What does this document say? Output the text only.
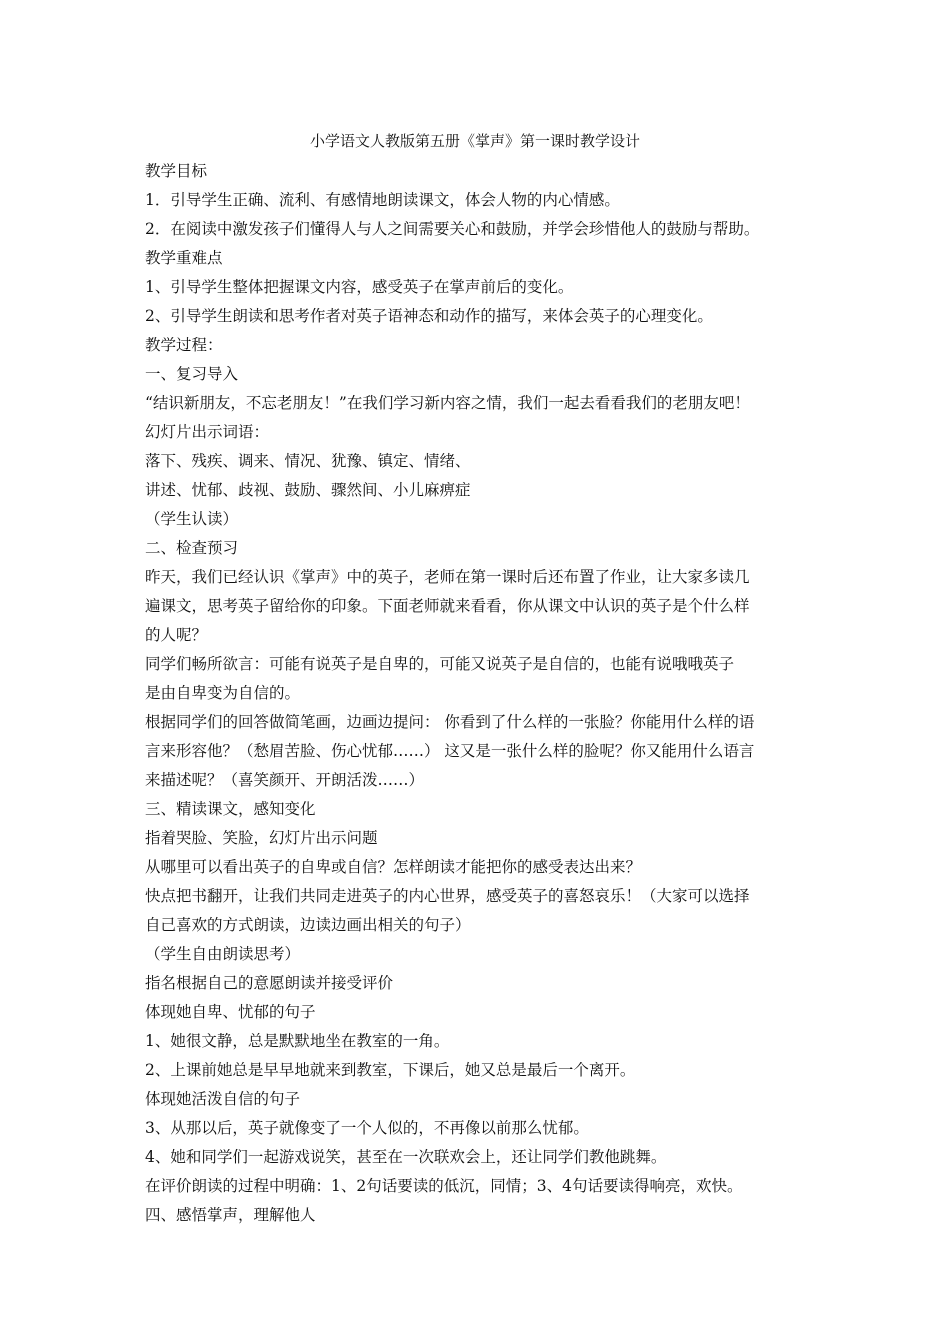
小学语文人教版第五册《掌声》第一课时教学设计
教学目标
1．引导学生正确、流利、有感情地朗读课文，体会人物的内心情感。
2．在阅读中激发孩子们懂得人与人之间需要关心和鼓励，并学会珍惜他人的鼓励与帮助。
教学重难点
1、引导学生整体把握课文内容，感受英子在掌声前后的变化。
2、引导学生朗读和思考作者对英子语神态和动作的描写，来体会英子的心理变化。
教学过程：
一、复习导入
“结识新朋友，不忘老朋友！”在我们学习新内容之情，我们一起去看看我们的老朋友吧！
幻灯片出示词语：
落下、残疾、调来、情况、犹豫、镇定、情绪、
讲述、忧郁、歧视、鼓励、骤然间、小儿麻痹症
（学生认读）
二、检查预习
昨天，我们已经认识《掌声》中的英子，老师在第一课时后还布置了作业，让大家多读几
遍课文，思考英子留给你的印象。下面老师就来看看，你从课文中认识的英子是个什么样
的人呢？
同学们畅所欲言：可能有说英子是自卑的，可能又说英子是自信的，也能有说哦哦英子
是由自卑变为自信的。
根据同学们的回答做简笔画，边画边提问： 你看到了什么样的一张脸？你能用什么样的语
言来形容他？（愁眉苦脸、伤心忧郁……） 这又是一张什么样的脸呢？你又能用什么语言
来描述呢？（喜笑颜开、开朗活泼……）
三、精读课文，感知变化
指着哭脸、笑脸，幻灯片出示问题
从哪里可以看出英子的自卑或自信？怎样朗读才能把你的感受表达出来？
快点把书翻开，让我们共同走进英子的内心世界，感受英子的喜怒哀乐！（大家可以选择
自己喜欢的方式朗读，边读边画出相关的句子）
（学生自由朗读思考）
指名根据自己的意愿朗读并接受评价
体现她自卑、忧郁的句子
1、她很文静，总是默默地坐在教室的一角。
2、上课前她总是早早地就来到教室，下课后，她又总是最后一个离开。
体现她活泼自信的句子
3、从那以后，英子就像变了一个人似的，不再像以前那么忧郁。
4、她和同学们一起游戏说笑，甚至在一次联欢会上，还让同学们教他跳舞。
在评价朗读的过程中明确：1、2句话要读的低沉，同情；3、4句话要读得响亮，欢快。
四、感悟掌声，理解他人
